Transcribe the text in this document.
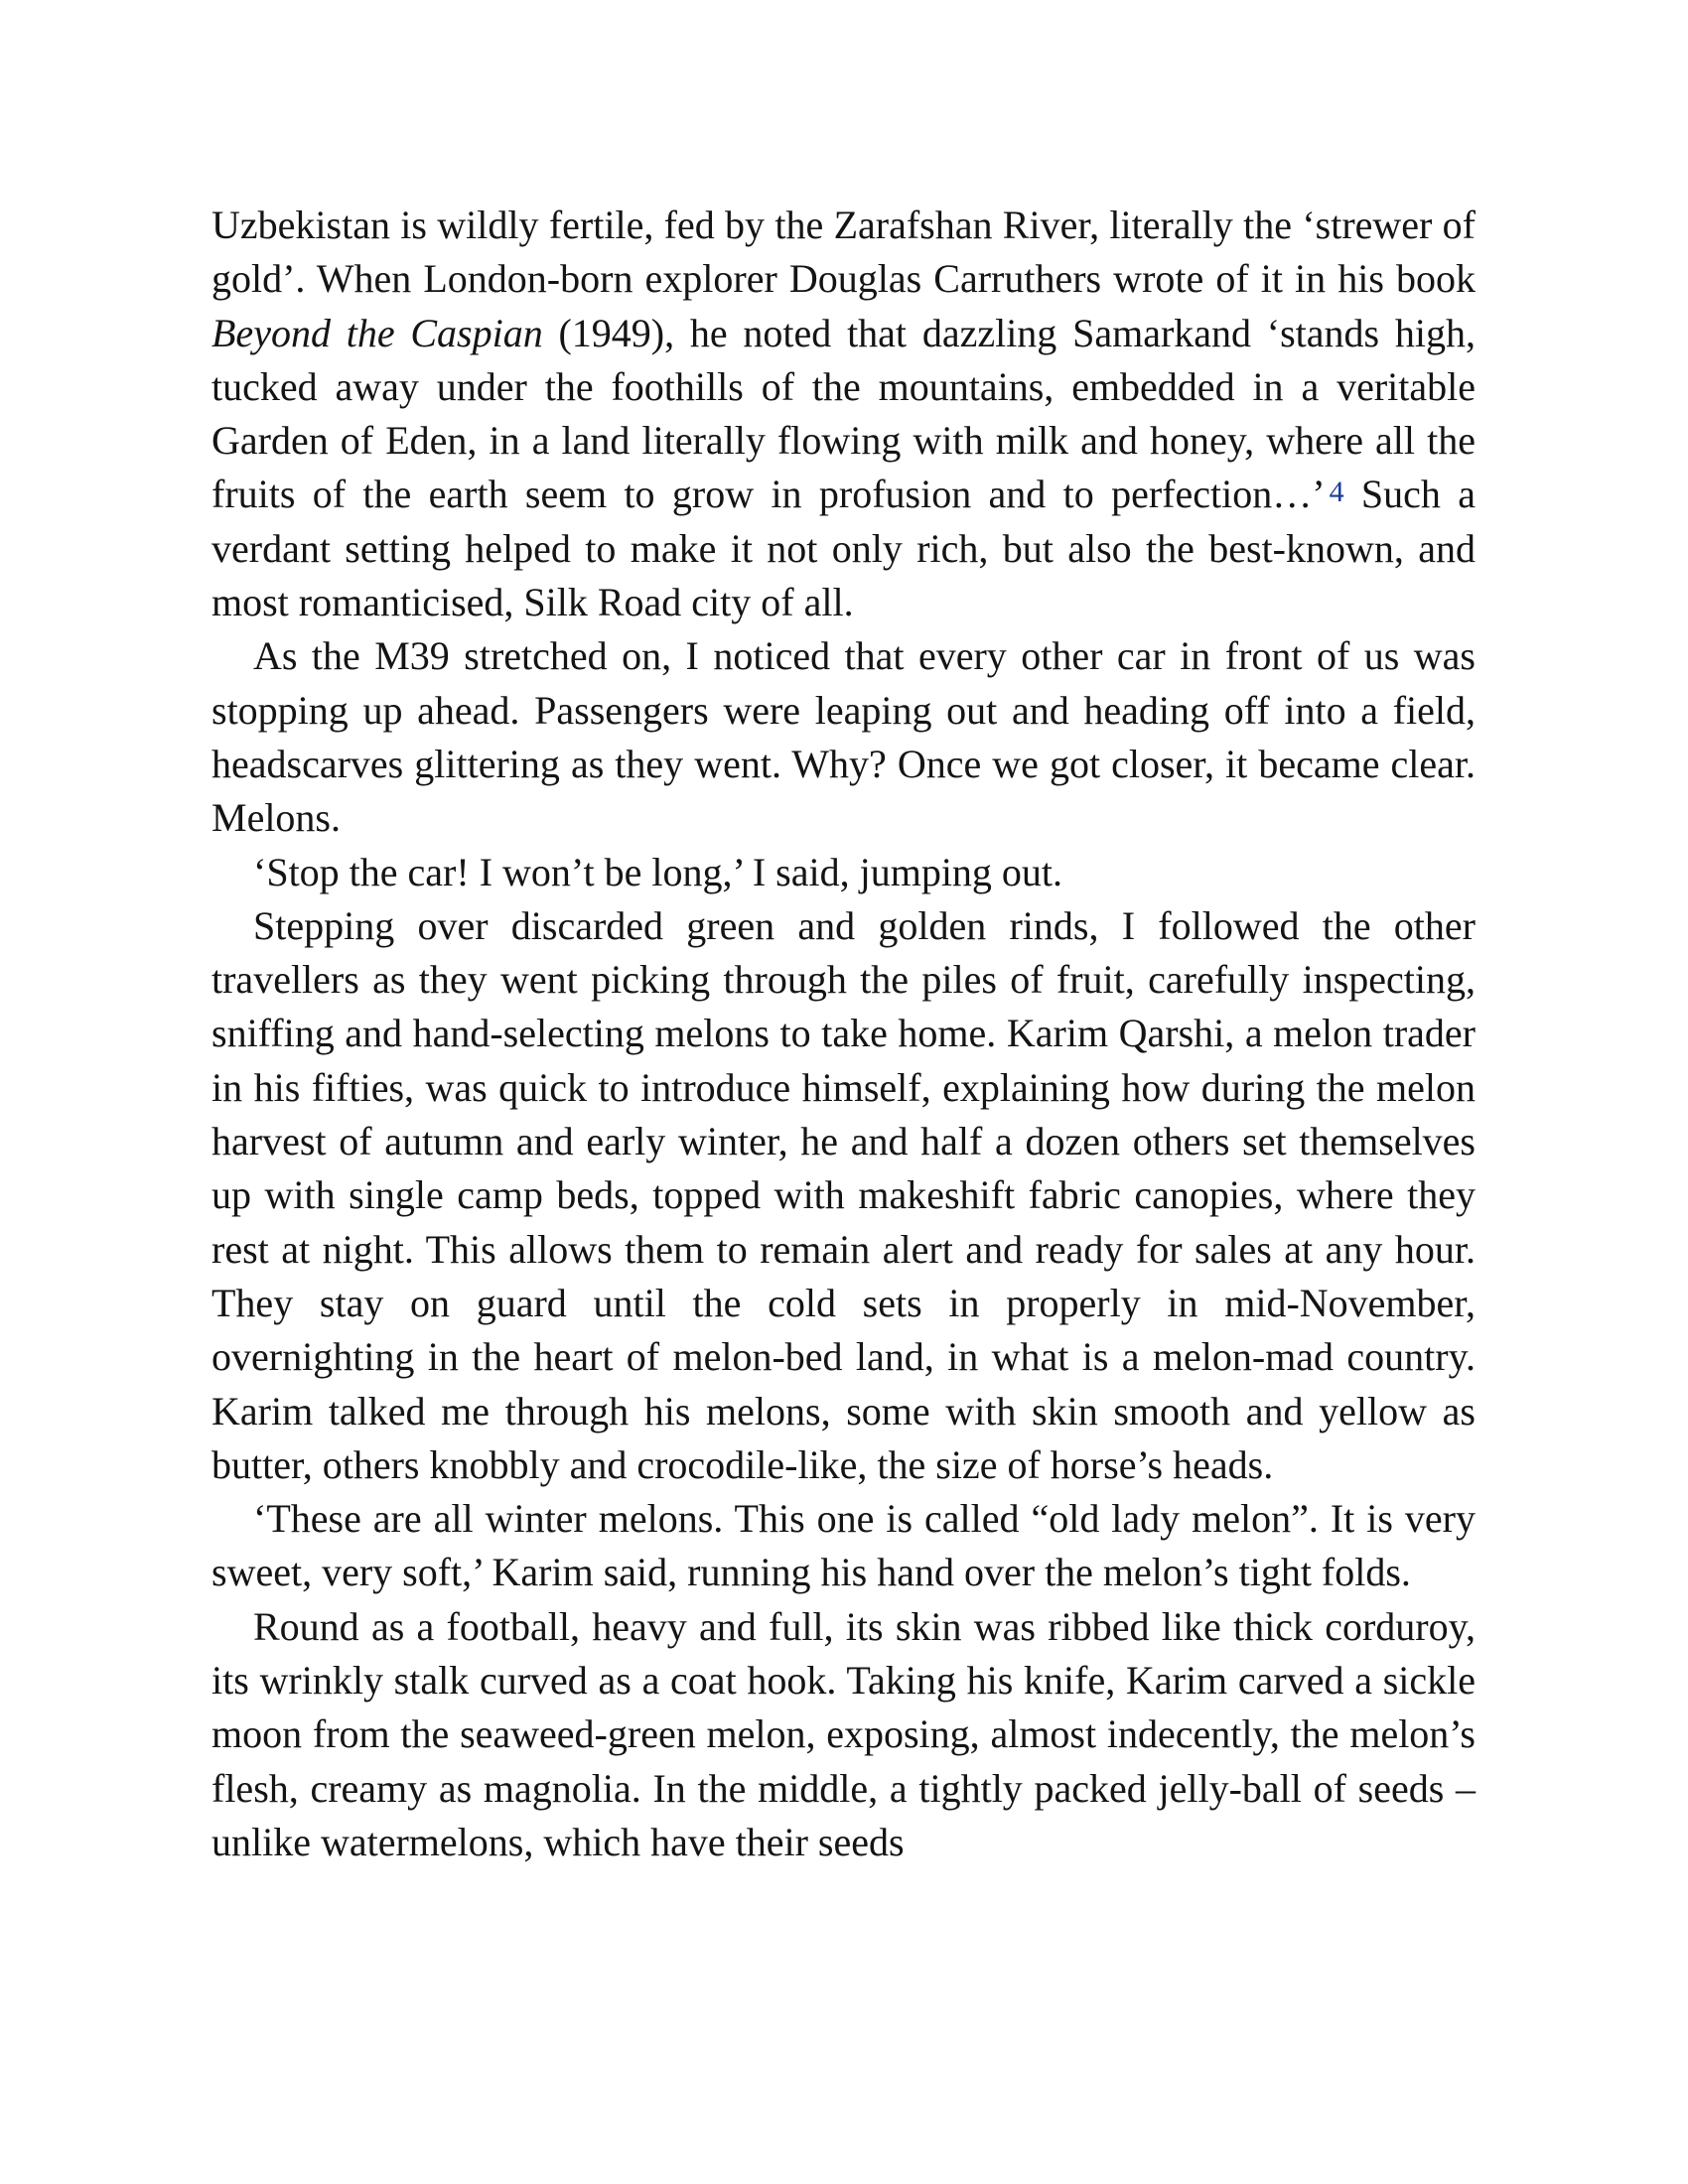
Uzbekistan is wildly fertile, fed by the Zarafshan River, literally the ‘strewer of gold’. When London-born explorer Douglas Carruthers wrote of it in his book Beyond the Caspian (1949), he noted that dazzling Samarkand ‘stands high, tucked away under the foothills of the mountains, embedded in a veritable Garden of Eden, in a land literally flowing with milk and honey, where all the fruits of the earth seem to grow in profusion and to perfection…’ 4 Such a verdant setting helped to make it not only rich, but also the best-known, and most romanticised, Silk Road city of all.

As the M39 stretched on, I noticed that every other car in front of us was stopping up ahead. Passengers were leaping out and heading off into a field, headscarves glittering as they went. Why? Once we got closer, it became clear. Melons.

‘Stop the car! I won’t be long,’ I said, jumping out.

Stepping over discarded green and golden rinds, I followed the other travellers as they went picking through the piles of fruit, carefully inspecting, sniffing and hand-selecting melons to take home. Karim Qarshi, a melon trader in his fifties, was quick to introduce himself, explaining how during the melon harvest of autumn and early winter, he and half a dozen others set themselves up with single camp beds, topped with makeshift fabric canopies, where they rest at night. This allows them to remain alert and ready for sales at any hour. They stay on guard until the cold sets in properly in mid-November, overnighting in the heart of melon-bed land, in what is a melon-mad country. Karim talked me through his melons, some with skin smooth and yellow as butter, others knobbly and crocodile-like, the size of horse’s heads.

‘These are all winter melons. This one is called “old lady melon”. It is very sweet, very soft,’ Karim said, running his hand over the melon’s tight folds.

Round as a football, heavy and full, its skin was ribbed like thick corduroy, its wrinkly stalk curved as a coat hook. Taking his knife, Karim carved a sickle moon from the seaweed-green melon, exposing, almost indecently, the melon’s flesh, creamy as magnolia. In the middle, a tightly packed jelly-ball of seeds – unlike watermelons, which have their seeds
